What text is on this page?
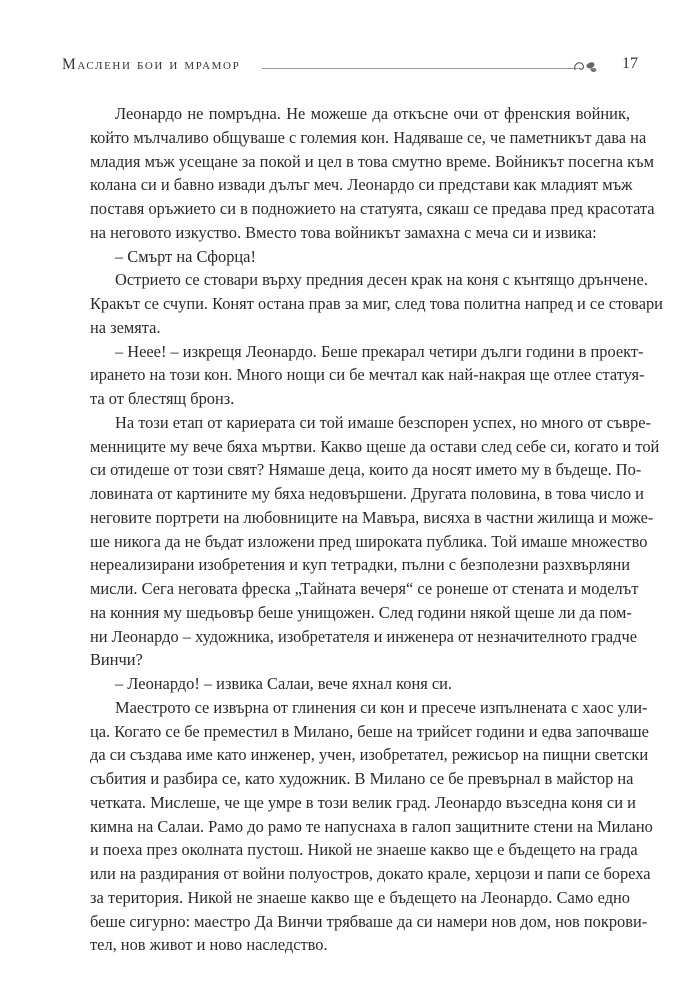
Маслени бои и мрамор	17
Леонардо не помръдна. Не можеше да откъсне очи от френския войник,
който мълчаливо общуваше с големия кон. Надяваше се, че паметникът дава на
младия мъж усещане за покой и цел в това смутно време. Войникът посегна към
колана си и бавно извади дълъг меч. Леонардо си представи как младият мъж
поставя оръжието си в подножието на статуята, сякаш се предава пред красотата
на неговото изкуство. Вместо това войникът замахна с меча си и извика:
– Смърт на Сфорца!
Острието се стовари върху предния десен крак на коня с кънтящо дрънчене.
Кракът се счупи. Конят остана прав за миг, след това политна напред и се стовари
на земята.
– Неее! – изкрещя Леонардо. Беше прекарал четири дълги години в проект-
ирането на този кон. Много нощи си бе мечтал как най-накрая ще отлее статуя-
та от блестящ бронз.
На този етап от кариерата си той имаше безспорен успех, но много от съвре-
менниците му вече бяха мъртви. Какво щеше да остави след себе си, когато и той
си отидеше от този свят? Нямаше деца, които да носят името му в бъдеще. По-
ловината от картините му бяха недовършени. Другата половина, в това число и
неговите портрети на любовниците на Мавъра, висяха в частни жилища и може-
ше никога да не бъдат изложени пред широката публика. Той имаше множество
нереализирани изобретения и куп тетрадки, пълни с безполезни разхвърляни
мисли. Сега неговата фреска „Тайната вечеря“ се ронеше от стената и моделът
на конния му шедьовър беше унищожен. След години някой щеше ли да пом-
ни Леонардо – художника, изобретателя и инженера от незначителното градче
Винчи?
– Леонардо! – извика Салаи, вече яхнал коня си.
Маестрото се извърна от глинения си кон и пресече изпълнената с хаос ули-
ца. Когато се бе преместил в Милано, беше на трийсет години и едва започваше
да си създава име като инженер, учен, изобретател, режисьор на пищни светски
събития и разбира се, като художник. В Милано се бе превърнал в майстор на
четката. Мислеше, че ще умре в този велик град. Леонардо възседна коня си и
кимна на Салаи. Рамо до рамо те напуснаха в галоп защитните стени на Милано
и поеха през околната пустош. Никой не знаеше какво ще е бъдещето на града
или на раздирания от войни полуостров, докато крале, херцози и папи се бореха
за територия. Никой не знаеше какво ще е бъдещето на Леонардо. Само едно
беше сигурно: маестро Да Винчи трябваше да си намери нов дом, нов покрови-
тел, нов живот и ново наследство.
